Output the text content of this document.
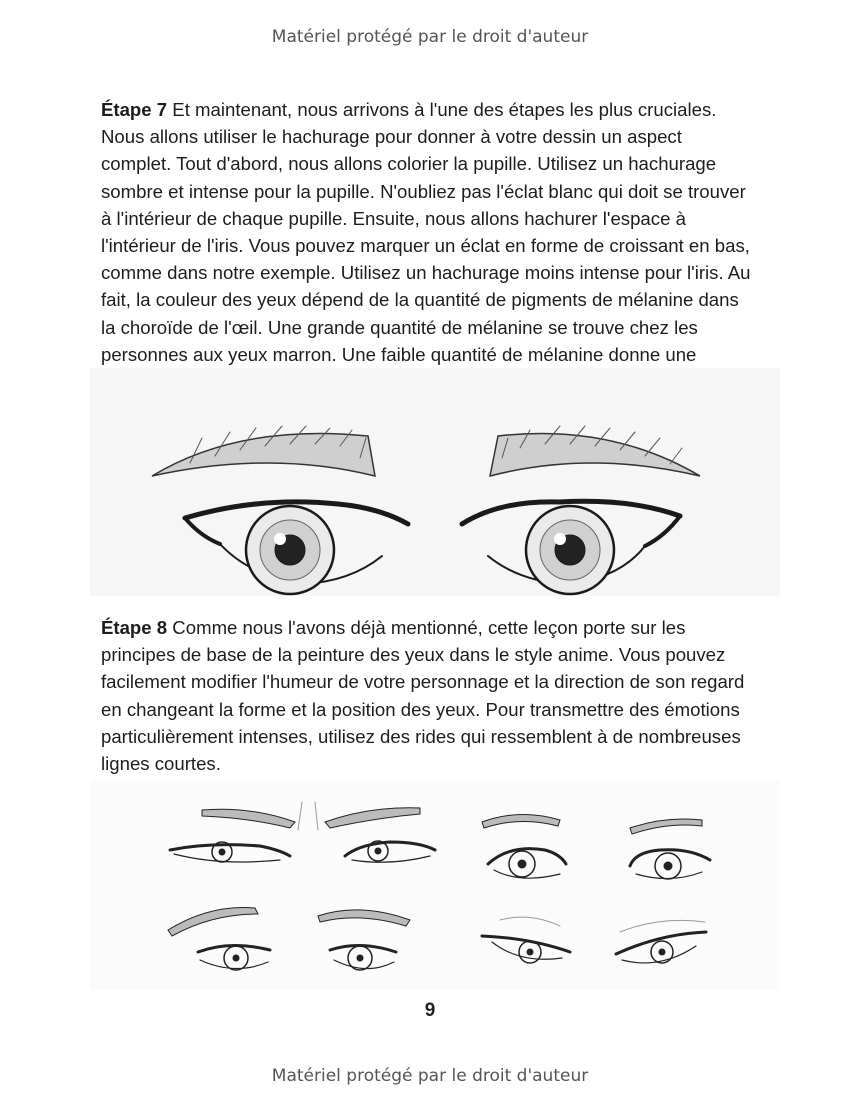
Matériel protégé par le droit d'auteur
Étape 7 Et maintenant, nous arrivons à l'une des étapes les plus cruciales. Nous allons utiliser le hachurage pour donner à votre dessin un aspect complet. Tout d'abord, nous allons colorier la pupille. Utilisez un hachurage sombre et intense pour la pupille. N'oubliez pas l'éclat blanc qui doit se trouver à l'intérieur de chaque pupille. Ensuite, nous allons hachurer l'espace à l'intérieur de l'iris. Vous pouvez marquer un éclat en forme de croissant en bas, comme dans notre exemple. Utilisez un hachurage moins intense pour l'iris. Au fait, la couleur des yeux dépend de la quantité de pigments de mélanine dans la choroïde de l'œil. Une grande quantité de mélanine se trouve chez les personnes aux yeux marron. Une faible quantité de mélanine donne une
Étape 8 Comme nous l'avons déjà mentionné, cette leçon porte sur les principes de base de la peinture des yeux dans le style anime. Vous pouvez facilement modifier l'humeur de votre personnage et la direction de son regard en changeant la forme et la position des yeux. Pour transmettre des émotions particulièrement intenses, utilisez des rides qui ressemblent à de nombreuses lignes courtes.
9
Matériel protégé par le droit d'auteur
